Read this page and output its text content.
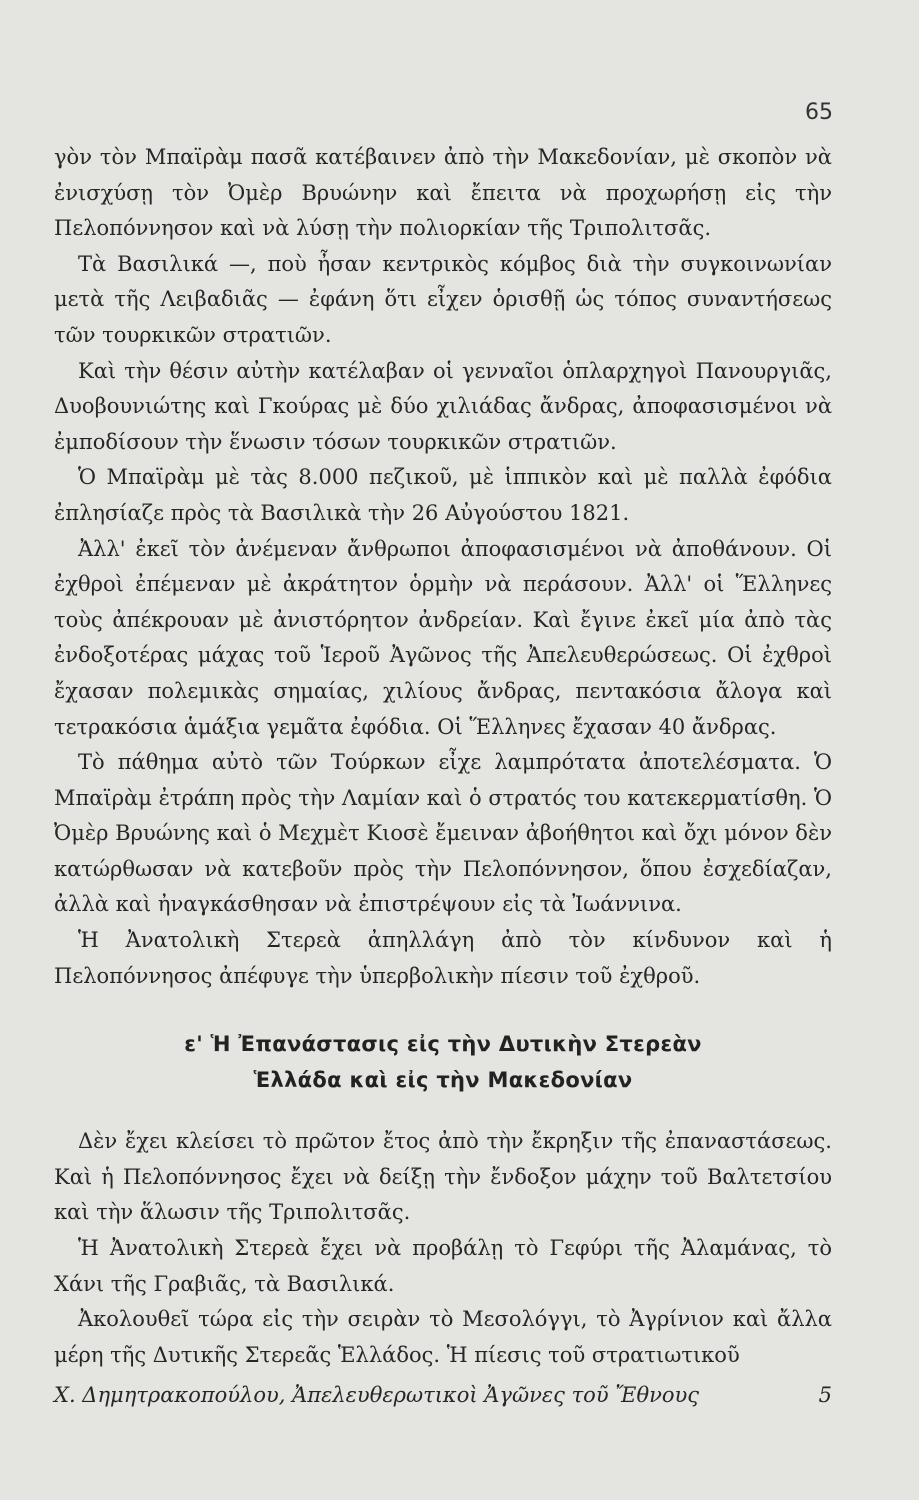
65

γὸν τὸν Μπαϊρὰμ πασᾶ κατέβαινεν ἀπὸ τὴν Μακεδονίαν, μὲ σκοπὸν νὰ ἐνισχύσῃ τὸν Ὀμὲρ Βρυώνην καὶ ἔπειτα νὰ προχωρήσῃ εἰς τὴν Πελοπόννησον καὶ νὰ λύσῃ τὴν πολιορκίαν τῆς Τριπολιτσᾶς.

Τὰ Βασιλικά —, ποὺ ἦσαν κεντρικὸς κόμβος διὰ τὴν συγκοινωνίαν μετὰ τῆς Λειβαδιᾶς — ἐφάνη ὅτι εἶχεν ὁρισθῇ ὡς τόπος συναντήσεως τῶν τουρκικῶν στρατιῶν.

Καὶ τὴν θέσιν αὐτὴν κατέλαβαν οἱ γενναῖοι ὁπλαρχηγοὶ Πανουργιᾶς, Δυοβουνιώτης καὶ Γκούρας μὲ δύο χιλιάδας ἄνδρας, ἀποφασισμένοι νὰ ἐμποδίσουν τὴν ἕνωσιν τόσων τουρκικῶν στρατιῶν.

Ὁ Μπαϊρὰμ μὲ τὰς 8.000 πεζικοῦ, μὲ ἱππικὸν καὶ μὲ παλλὰ ἐφόδια ἐπλησίαζε πρὸς τὰ Βασιλικὰ τὴν 26 Αὐγούστου 1821.

Ἀλλ' ἐκεῖ τὸν ἀνέμεναν ἄνθρωποι ἀποφασισμένοι νὰ ἀποθάνουν. Οἱ ἐχθροὶ ἐπέμεναν μὲ ἀκράτητον ὁρμὴν νὰ περάσουν. Ἀλλ' οἱ Ἕλληνες τοὺς ἀπέκρουαν μὲ ἀνιστόρητον ἀνδρείαν. Καὶ ἔγινε ἐκεῖ μία ἀπὸ τὰς ἐνδοξοτέρας μάχας τοῦ Ἱεροῦ Ἀγῶνος τῆς Ἀπελευθερώσεως. Οἱ ἐχθροὶ ἔχασαν πολεμικὰς σημαίας, χιλίους ἄνδρας, πεντακόσια ἄλογα καὶ τετρακόσια ἁμάξια γεμᾶτα ἐφόδια. Οἱ Ἕλληνες ἔχασαν 40 ἄνδρας.

Τὸ πάθημα αὐτὸ τῶν Τούρκων εἶχε λαμπρότατα ἀποτελέσματα. Ὁ Μπαϊρὰμ ἐτράπη πρὸς τὴν Λαμίαν καὶ ὁ στρατός του κατεκερματίσθη. Ὁ Ὀμὲρ Βρυώνης καὶ ὁ Μεχμὲτ Κιοσὲ ἔμειναν ἀβοήθητοι καὶ ὄχι μόνον δὲν κατώρθωσαν νὰ κατεβοῦν πρὸς τὴν Πελοπόννησον, ὅπου ἐσχεδίαζαν, ἀλλὰ καὶ ἠναγκάσθησαν νὰ ἐπιστρέψουν εἰς τὰ Ἰωάννινα.

Ἡ Ἀνατολικὴ Στερεὰ ἀπηλλάγη ἀπὸ τὸν κίνδυνον καὶ ἡ Πελοπόννησος ἀπέφυγε τὴν ὑπερβολικὴν πίεσιν τοῦ ἐχθροῦ.

ε' Ἡ Ἐπανάστασις εἰς τὴν Δυτικὴν Στερεὰν
Ἑλλάδα καὶ εἰς τὴν Μακεδονίαν

Δὲν ἔχει κλείσει τὸ πρῶτον ἔτος ἀπὸ τὴν ἔκρηξιν τῆς ἐπαναστάσεως. Καὶ ἡ Πελοπόννησος ἔχει νὰ δείξῃ τὴν ἔνδοξον μάχην τοῦ Βαλτετσίου καὶ τὴν ἅλωσιν τῆς Τριπολιτσᾶς.

Ἡ Ἀνατολικὴ Στερεὰ ἔχει νὰ προβάλῃ τὸ Γεφύρι τῆς Ἀλαμάνας, τὸ Χάνι τῆς Γραβιᾶς, τὰ Βασιλικά.

Ἀκολουθεῖ τώρα εἰς τὴν σειρὰν τὸ Μεσολόγγι, τὸ Ἀγρίνιον καὶ ἄλλα μέρη τῆς Δυτικῆς Στερεᾶς Ἑλλάδος. Ἡ πίεσις τοῦ στρατιωτικοῦ

Χ. Δημητρακοπούλου, Ἀπελευθερωτικοὶ Ἀγῶνες τοῦ Ἔθνους	5
